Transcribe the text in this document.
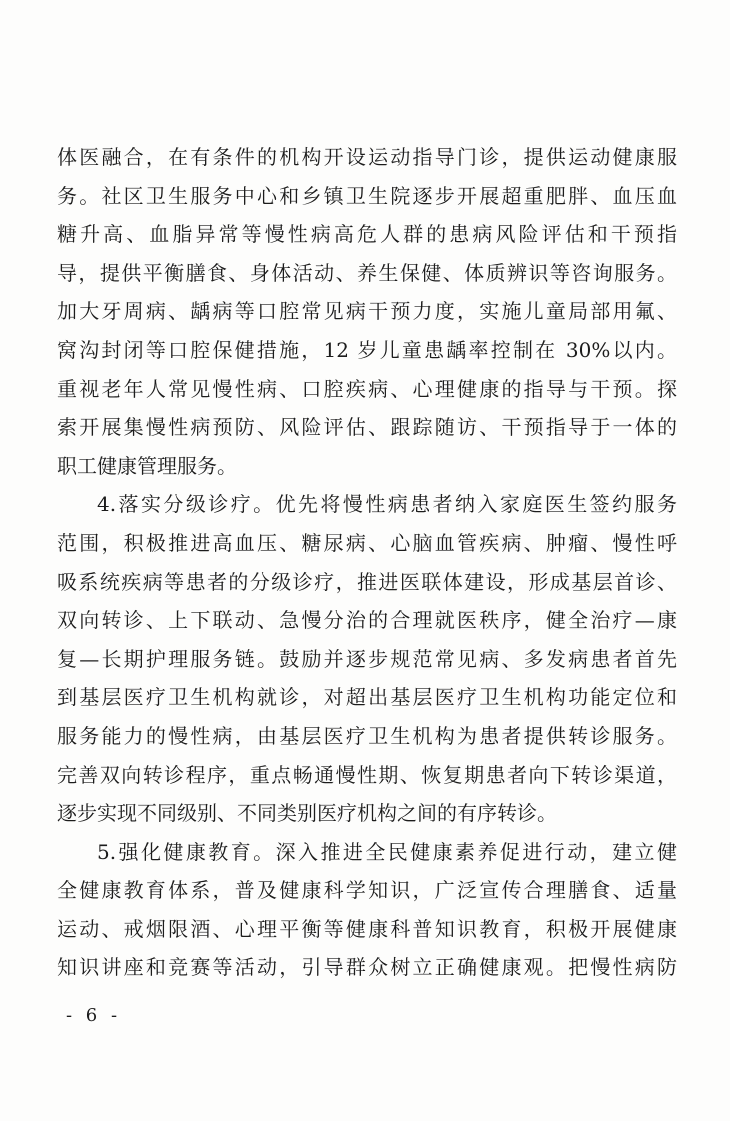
体医融合，在有条件的机构开设运动指导门诊，提供运动健康服
务。社区卫生服务中心和乡镇卫生院逐步开展超重肥胖、血压血
糖升高、血脂异常等慢性病高危人群的患病风险评估和干预指
导，提供平衡膳食、身体活动、养生保健、体质辨识等咨询服务。
加大牙周病、龋病等口腔常见病干预力度，实施儿童局部用氟、
窝沟封闭等口腔保健措施，12 岁儿童患龋率控制在 30%以内。
重视老年人常见慢性病、口腔疾病、心理健康的指导与干预。探
索开展集慢性病预防、风险评估、跟踪随访、干预指导于一体的
职工健康管理服务。
4.落实分级诊疗。优先将慢性病患者纳入家庭医生签约服务
范围，积极推进高血压、糖尿病、心脑血管疾病、肿瘤、慢性呼
吸系统疾病等患者的分级诊疗，推进医联体建设，形成基层首诊、
双向转诊、上下联动、急慢分治的合理就医秩序，健全治疗—康
复—长期护理服务链。鼓励并逐步规范常见病、多发病患者首先
到基层医疗卫生机构就诊，对超出基层医疗卫生机构功能定位和
服务能力的慢性病，由基层医疗卫生机构为患者提供转诊服务。
完善双向转诊程序，重点畅通慢性期、恢复期患者向下转诊渠道，
逐步实现不同级别、不同类别医疗机构之间的有序转诊。
5.强化健康教育。深入推进全民健康素养促进行动，建立健
全健康教育体系，普及健康科学知识，广泛宣传合理膳食、适量
运动、戒烟限酒、心理平衡等健康科普知识教育，积极开展健康
知识讲座和竞赛等活动，引导群众树立正确健康观。把慢性病防
- 6 -
